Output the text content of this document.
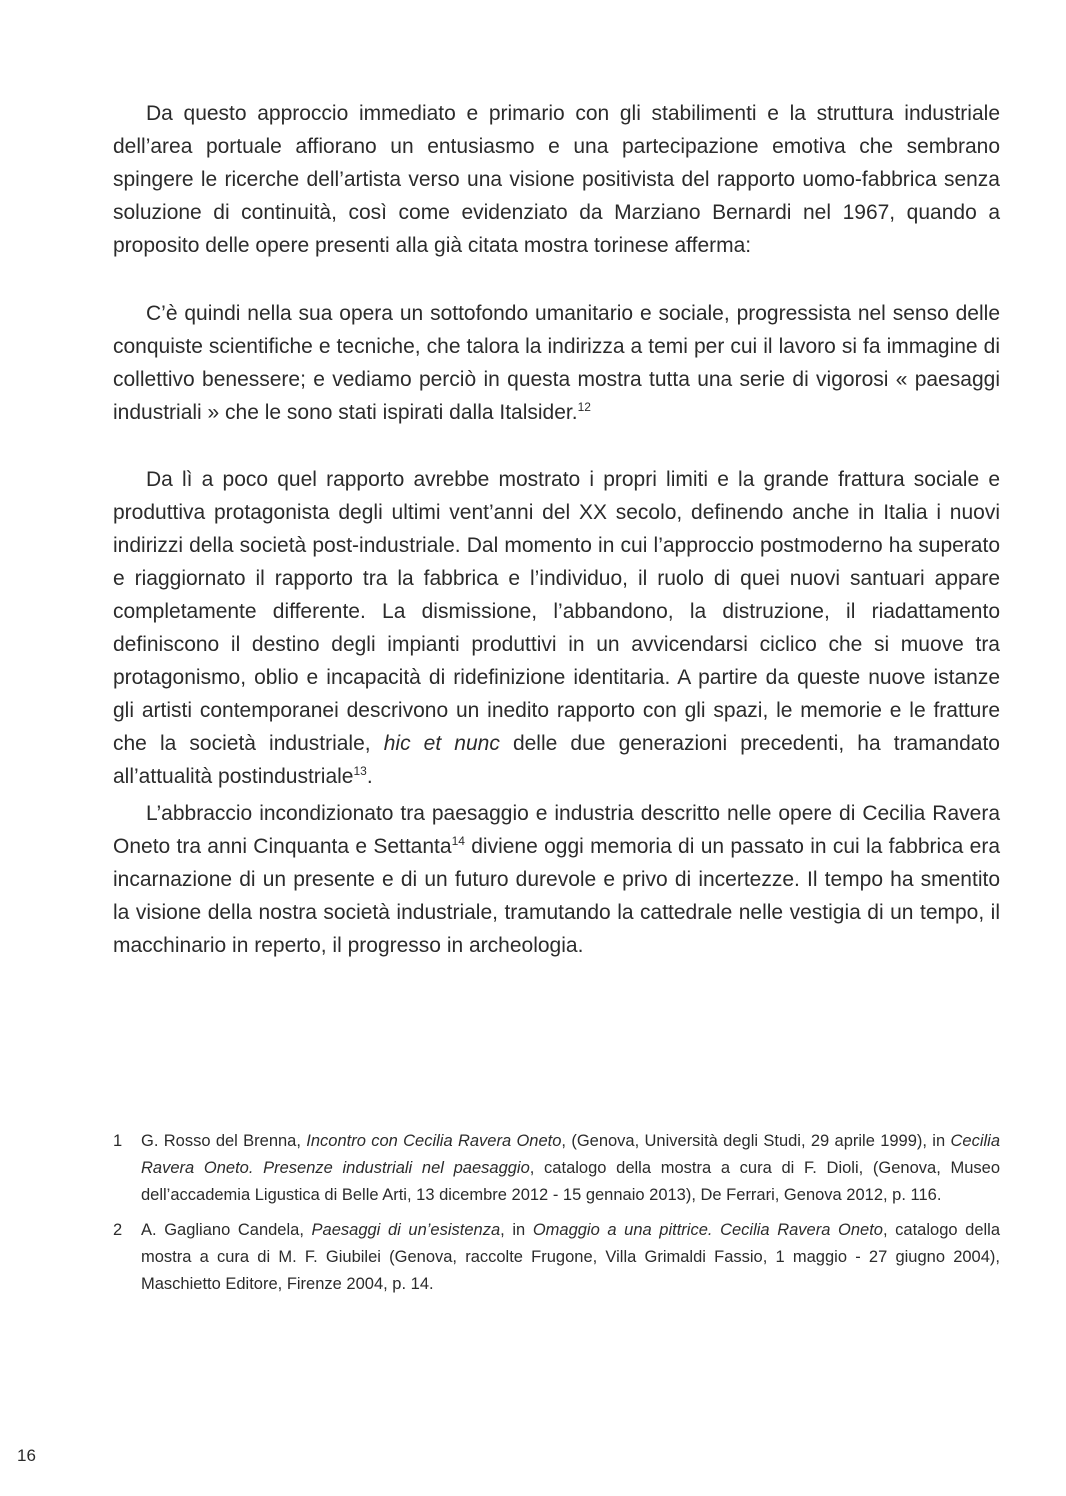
Da questo approccio immediato e primario con gli stabilimenti e la struttura industriale dell’area portuale affiorano un entusiasmo e una partecipazione emotiva che sembrano spingere le ricerche dell’artista verso una visione positivista del rapporto uomo-fabbrica senza soluzione di continuità, così come evidenziato da Marziano Bernardi nel 1967, quando a proposito delle opere presenti alla già citata mostra torinese afferma:

C’è quindi nella sua opera un sottofondo umanitario e sociale, progressista nel senso delle conquiste scientifiche e tecniche, che talora la indirizza a temi per cui il lavoro si fa immagine di collettivo benessere; e vediamo perciò in questa mostra tutta una serie di vigorosi « paesaggi industriali » che le sono stati ispirati dalla Italsider.$^{12}$

Da lì a poco quel rapporto avrebbe mostrato i propri limiti e la grande frattura sociale e produttiva protagonista degli ultimi vent’anni del XX secolo, definendo anche in Italia i nuovi indirizzi della società post-industriale. Dal momento in cui l’approccio postmoderno ha superato e riaggiornato il rapporto tra la fabbrica e l’individuo, il ruolo di quei nuovi santuari appare completamente differente. La dismissione, l’abbandono, la distruzione, il riadattamento definiscono il destino degli impianti produttivi in un avvicendarsi ciclico che si muove tra protagonismo, oblio e incapacità di ridefinizione identitaria. A partire da queste nuove istanze gli artisti contemporanei descrivono un inedito rapporto con gli spazi, le memorie e le fratture che la società industriale, hic et nunc delle due generazioni precedenti, ha tramandato all’attualità postindustriale$^{13}$.

L’abbraccio incondizionato tra paesaggio e industria descritto nelle opere di Cecilia Ravera Oneto tra anni Cinquanta e Settanta$^{14}$ diviene oggi memoria di un passato in cui la fabbrica era incarnazione di un presente e di un futuro durevole e privo di incertezze. Il tempo ha smentito la visione della nostra società industriale, tramutando la cattedrale nelle vestigia di un tempo, il macchinario in reperto, il progresso in archeologia.

1 G. Rosso del Brenna, Incontro con Cecilia Ravera Oneto, (Genova, Università degli Studi, 29 aprile 1999), in Cecilia Ravera Oneto. Presenze industriali nel paesaggio, catalogo della mostra a cura di F. Dioli, (Genova, Museo dell’accademia Ligustica di Belle Arti, 13 dicembre 2012 - 15 gennaio 2013), De Ferrari, Genova 2012, p. 116.

2 A. Gagliano Candela, Paesaggi di un’esistenza, in Omaggio a una pittrice. Cecilia Ravera Oneto, catalogo della mostra a cura di M. F. Giubilei (Genova, raccolte Frugone, Villa Grimaldi Fassio, 1 maggio - 27 giugno 2004), Maschietto Editore, Firenze 2004, p. 14.

16
